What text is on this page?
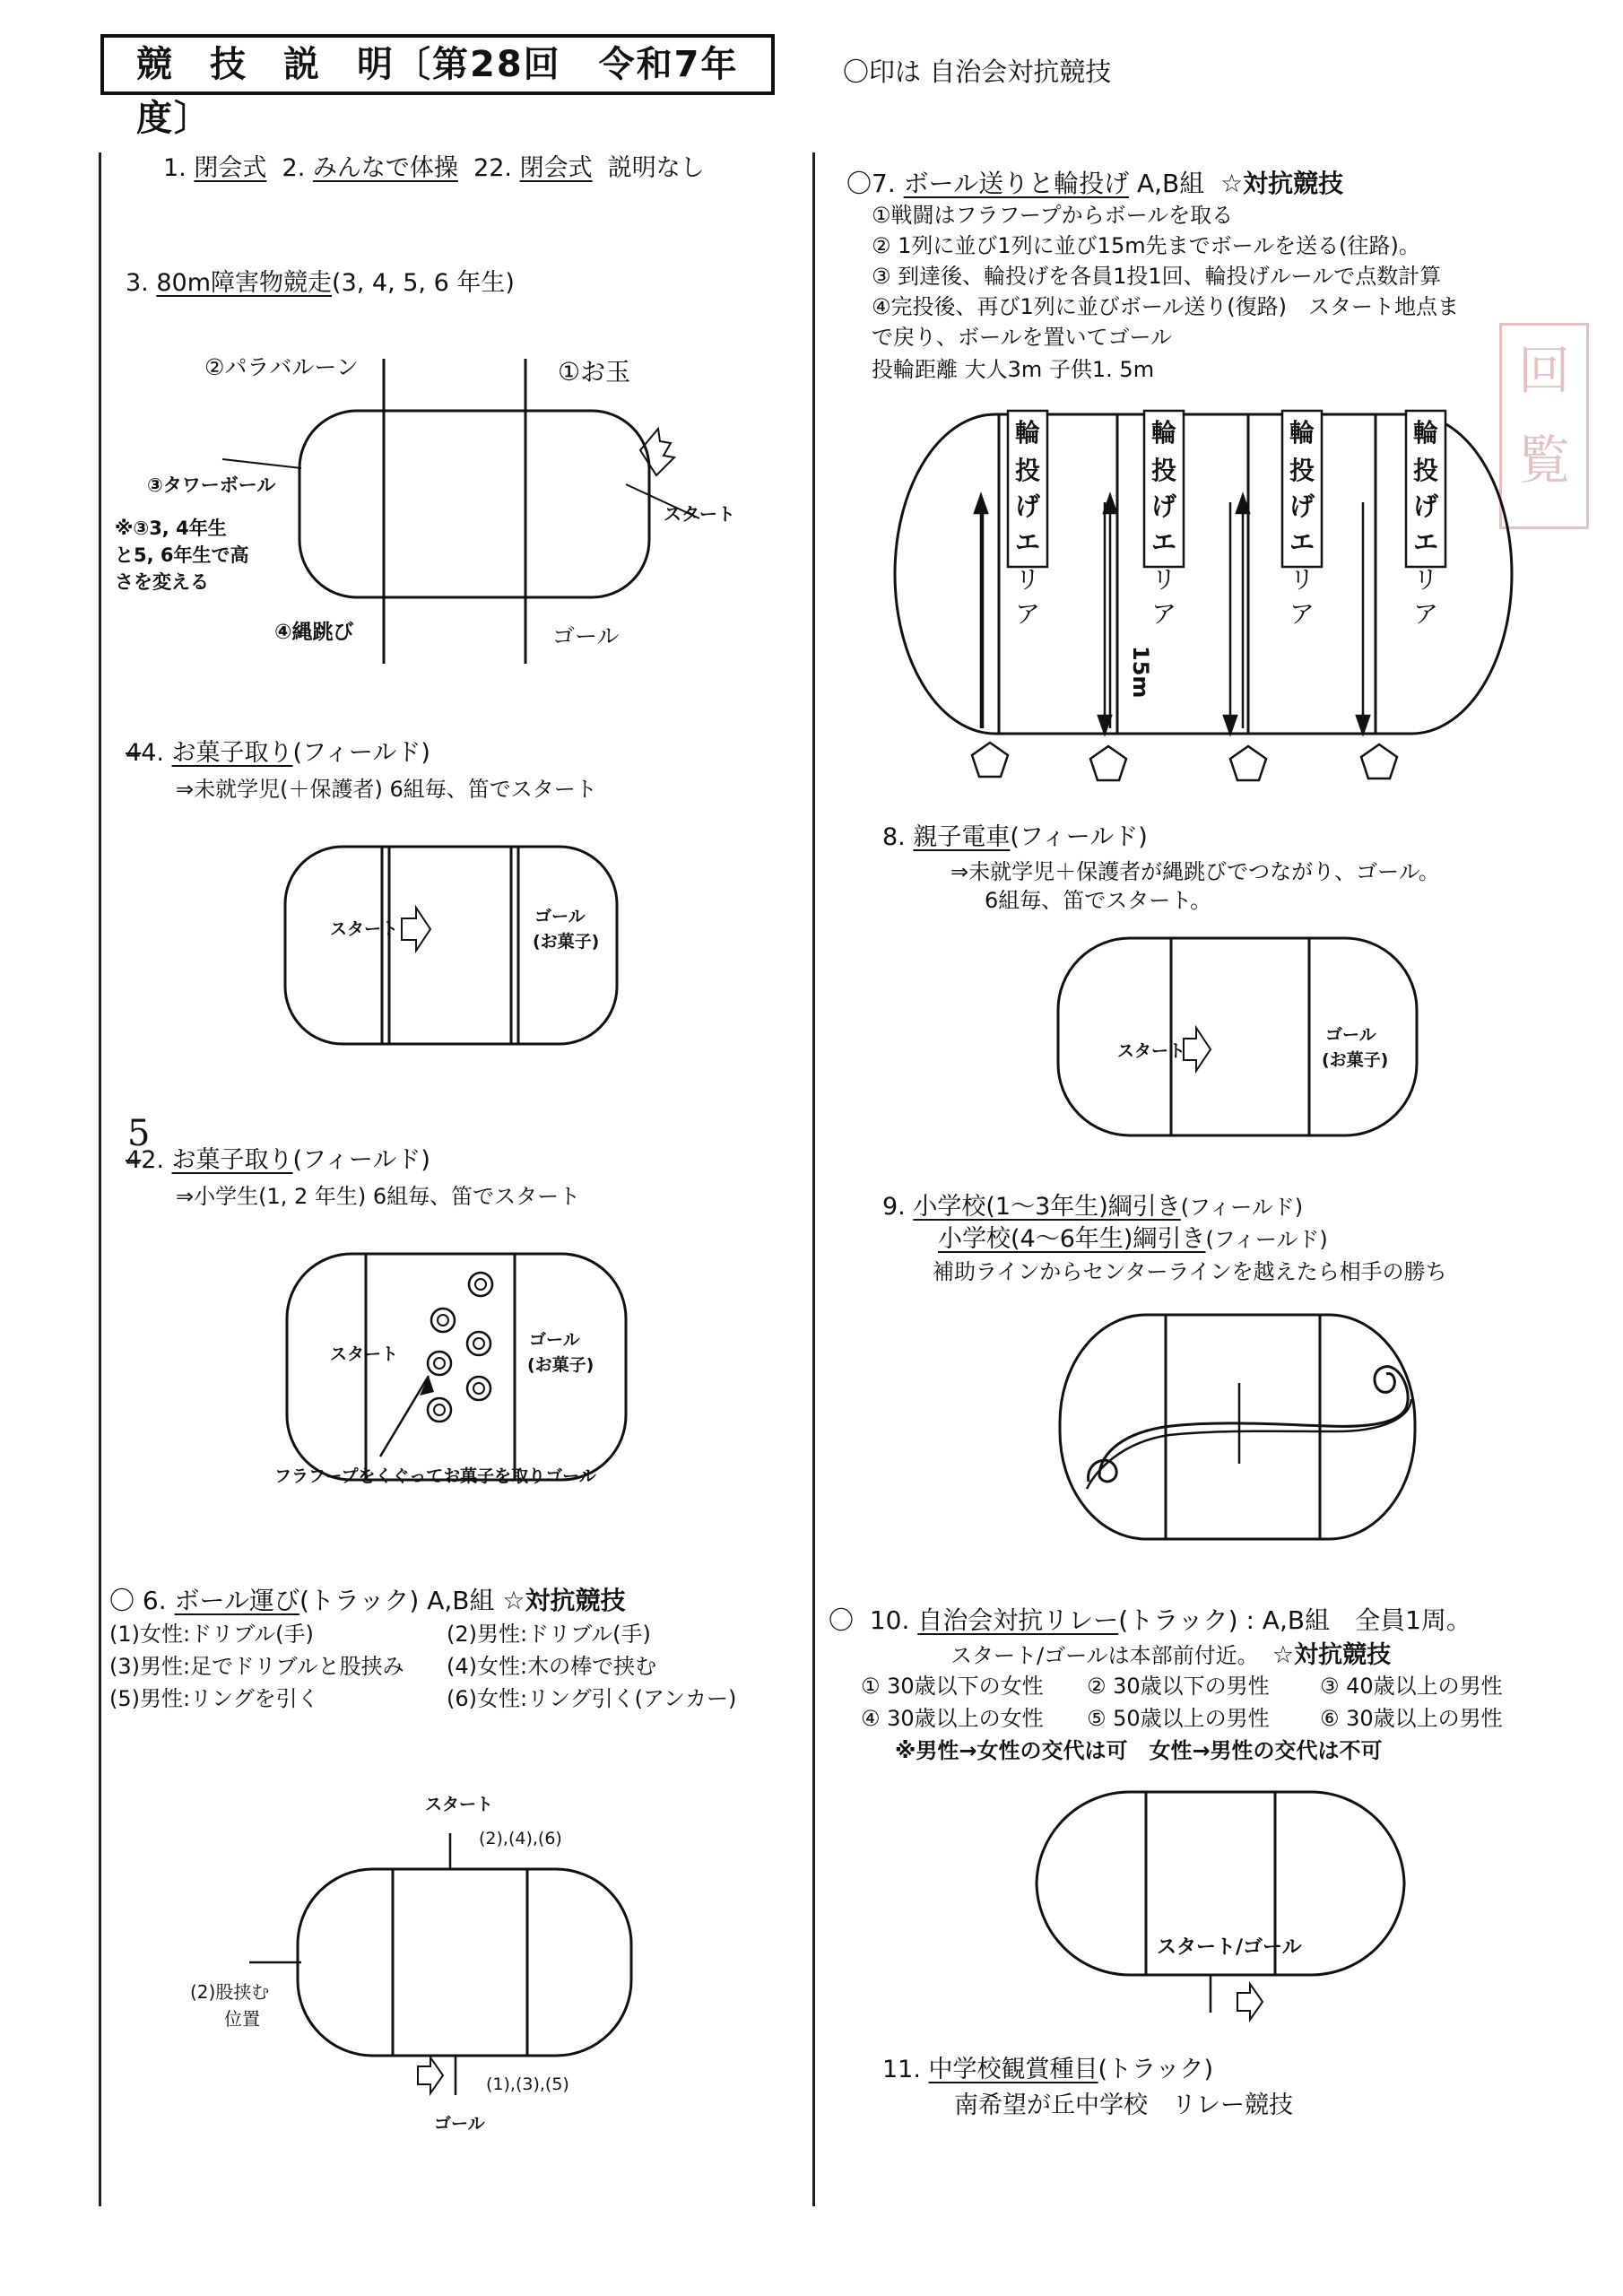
競 技 説 明〔第28回　令和7年度〕
〇印は 自治会対抗競技
回 覧
1. 閉会式 2. みんなで体操 22. 閉会式 説明なし
3. 80m障害物競走(3, 4, 5, 6 年生)
②パラバルーン	①お玉
③タワーボール
※③3, 4年生
と5, 6年生で高
さを変える
スタート
④縄跳び	ゴール
44. お菓子取り(フィールド)
⇒未就学児(＋保護者) 6組毎、笛でスタート
スタート
ゴール
(お菓子)
42. お菓子取り(フィールド)
5
⇒小学生(1, 2 年生) 6組毎、笛でスタート
スタート
ゴール
(お菓子)
フラフープをくぐってお菓子を取りゴール
〇 6. ボール運び(トラック) A,B組 ☆対抗競技
(1)女性:ドリブル(手)	(2)男性:ドリブル(手)
(3)男性:足でドリブルと股挟み (4)女性:木の棒で挟む
(5)男性:リングを引く	(6)女性:リング引く(アンカー)
スタート
(2),(4),(6)
(2)股挟む
位置
(1),(3),(5)
ゴール
〇7. ボール送りと輪投げ A,B組 ☆対抗競技
①戦闘はフラフープからボールを取る
② 1列に並び1列に並び15m先までボールを送る(往路)。
③ 到達後、輪投げを各員1投1回、輪投げルールで点数計算
④完投後、再び1列に並びボール送り(復路)　スタート地点ま
で戻り、ボールを置いてゴール
投輪距離 大人3m 子供1. 5m
輪
投
げ
エ
リ
ア
輪
投
げ
エ
リ
ア
輪
投
げ
エ
リ
ア
輪
投
げ
エ
リ
ア
15m
8. 親子電車(フィールド)
⇒未就学児＋保護者が縄跳びでつながり、ゴール。
6組毎、笛でスタート。
スタート
ゴール
(お菓子)
9. 小学校(1～3年生)綱引き(フィールド)
小学校(4～6年生)綱引き(フィールド)
補助ラインからセンターラインを越えたら相手の勝ち
〇 10. 自治会対抗リレー(トラック) : A,B組　全員1周。
スタート/ゴールは本部前付近。 ☆対抗競技
① 30歳以下の女性 ② 30歳以下の男性 ③ 40歳以上の男性
④ 30歳以上の女性 ⑤ 50歳以上の男性 ⑥ 30歳以上の男性
※男性→女性の交代は可　女性→男性の交代は不可
スタート/ゴール
11. 中学校観賞種目(トラック)
南希望が丘中学校　リレー競技
